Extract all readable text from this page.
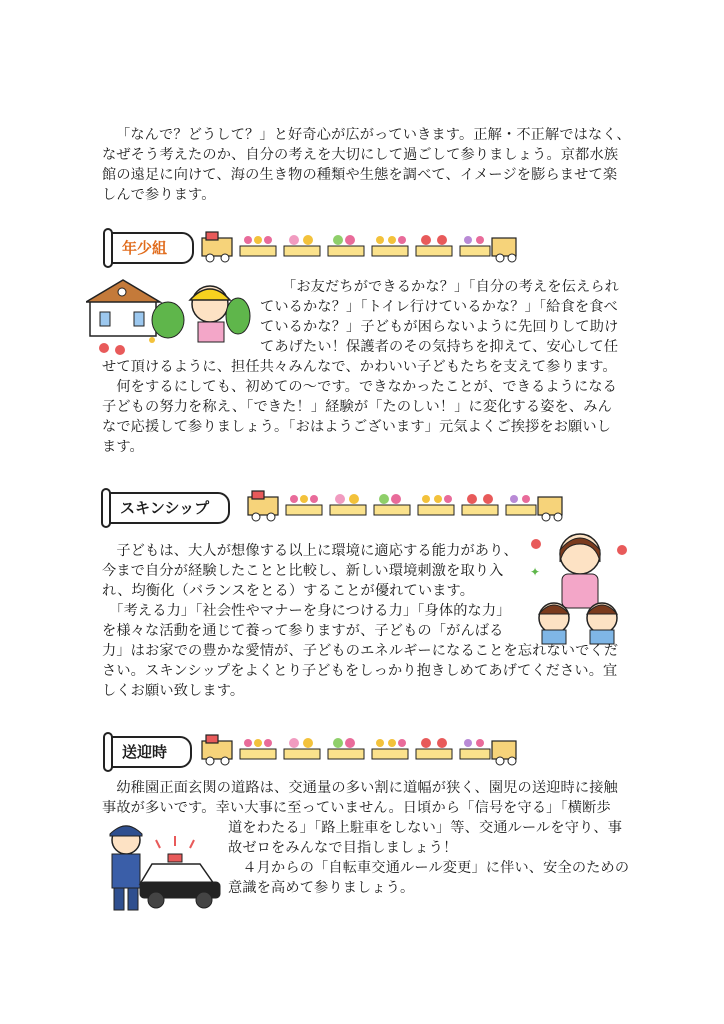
「なんで？どうして？」と好奇心が広がっていきます。正解・不正解ではなく、
なぜそう考えたのか、自分の考えを大切にして過ごして参りましょう。京都水族
館の遠足に向けて、海の生き物の種類や生態を調べて、イメージを膨らませて楽
しんで参ります。
年少組
「お友だちができるかな？」「自分の考えを伝えられ
ているかな？」「トイレ行けているかな？」「給食を食べ
ているかな？」子どもが困らないように先回りして助け
てあげたい！保護者のその気持ちを抑えて、安心して任
せて頂けるように、担任共々みんなで、かわいい子どもたちを支えて参ります。
　何をするにしても、初めての〜です。できなかったことが、できるようになる
子どもの努力を称え、「できた！」経験が「たのしい！」に変化する姿を、みん
なで応援して参りましょう。「おはようございます」元気よくご挨拶をお願いし
ます。
スキンシップ
✦
　子どもは、大人が想像する以上に環境に適応する能力があり、
今まで自分が経験したことと比較し、新しい環境刺激を取り入
れ、均衡化（バランスをとる）することが優れています。
　「考える力」「社会性やマナーを身につける力」「身体的な力」
を様々な活動を通じて養って参りますが、子どもの「がんばる
力」はお家での豊かな愛情が、子どものエネルギーになることを忘れないでくだ
さい。スキンシップをよくとり子どもをしっかり抱きしめてあげてください。宜
しくお願い致します。
送迎時
　幼稚園正面玄関の道路は、交通量の多い割に道幅が狭く、園児の送迎時に接触
事故が多いです。幸い大事に至っていません。日頃から「信号を守る」「横断歩
道をわたる」「路上駐車をしない」等、交通ルールを守り、事
故ゼロをみんなで目指しましょう！
　４月からの「自転車交通ルール変更」に伴い、安全のための
意識を高めて参りましょう。
